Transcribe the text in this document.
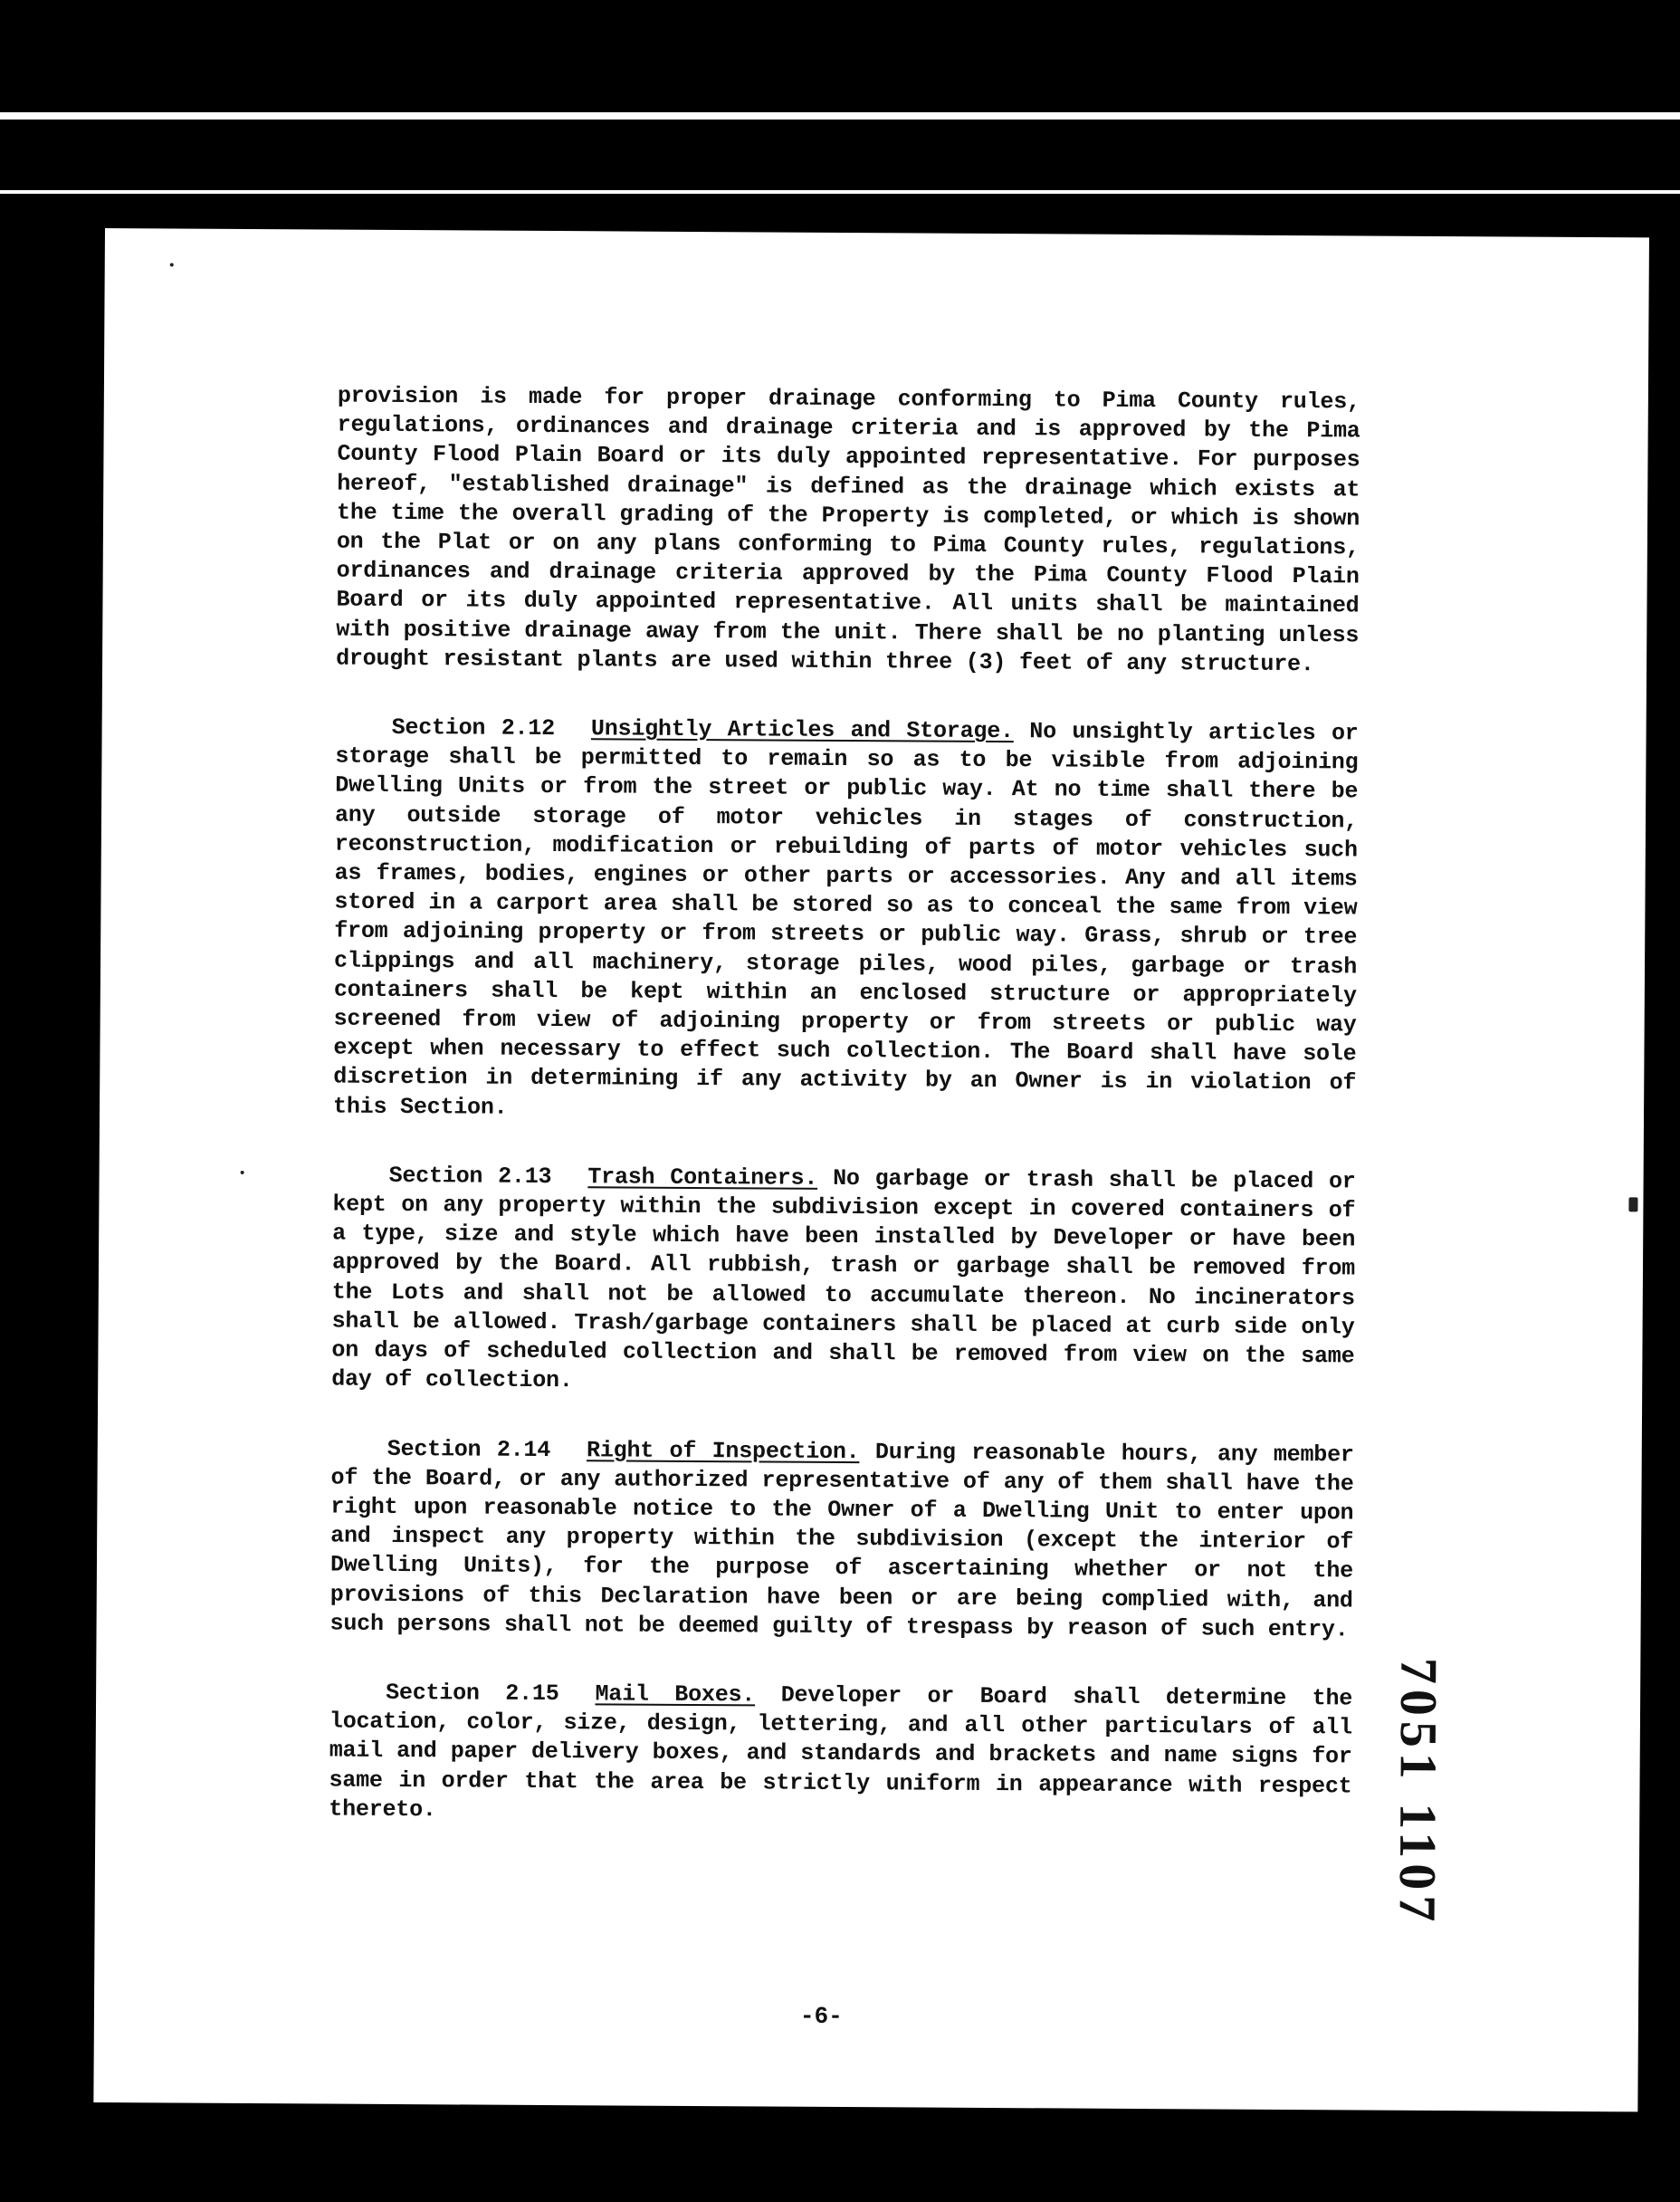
provision is made for proper drainage conforming to Pima County rules, regulations, ordinances and drainage criteria and is approved by the Pima County Flood Plain Board or its duly appointed representative. For purposes hereof, "established drainage" is defined as the drainage which exists at the time the overall grading of the Property is completed, or which is shown on the Plat or on any plans conforming to Pima County rules, regulations, ordinances and drainage criteria approved by the Pima County Flood Plain Board or its duly appointed representative. All units shall be maintained with positive drainage away from the unit. There shall be no planting unless drought resistant plants are used within three (3) feet of any structure.

Section 2.12 Unsightly Articles and Storage. No unsightly articles or storage shall be permitted to remain so as to be visible from adjoining Dwelling Units or from the street or public way. At no time shall there be any outside storage of motor vehicles in stages of construction, reconstruction, modification or rebuilding of parts of motor vehicles such as frames, bodies, engines or other parts or accessories. Any and all items stored in a carport area shall be stored so as to conceal the same from view from adjoining property or from streets or public way. Grass, shrub or tree clippings and all machinery, storage piles, wood piles, garbage or trash containers shall be kept within an enclosed structure or appropriately screened from view of adjoining property or from streets or public way except when necessary to effect such collection. The Board shall have sole discretion in determining if any activity by an Owner is in violation of this Section.

Section 2.13 Trash Containers. No garbage or trash shall be placed or kept on any property within the subdivision except in covered containers of a type, size and style which have been installed by Developer or have been approved by the Board. All rubbish, trash or garbage shall be removed from the Lots and shall not be allowed to accumulate thereon. No incinerators shall be allowed. Trash/garbage containers shall be placed at curb side only on days of scheduled collection and shall be removed from view on the same day of collection.

Section 2.14 Right of Inspection. During reasonable hours, any member of the Board, or any authorized representative of any of them shall have the right upon reasonable notice to the Owner of a Dwelling Unit to enter upon and inspect any property within the subdivision (except the interior of Dwelling Units), for the purpose of ascertaining whether or not the provisions of this Declaration have been or are being complied with, and such persons shall not be deemed guilty of trespass by reason of such entry.

Section 2.15 Mail Boxes. Developer or Board shall determine the location, color, size, design, lettering, and all other particulars of all mail and paper delivery boxes, and standards and brackets and name signs for same in order that the area be strictly uniform in appearance with respect thereto.

-6-
7051 1107
